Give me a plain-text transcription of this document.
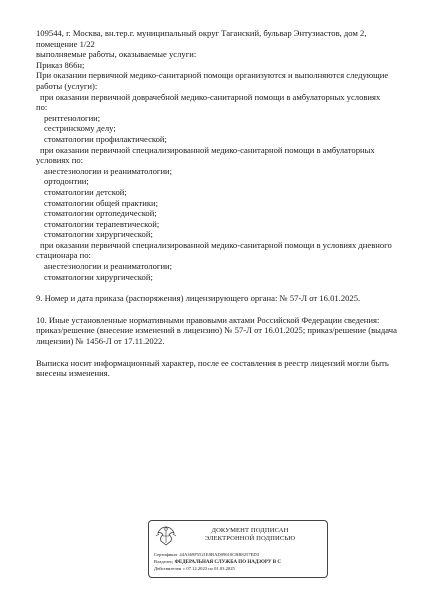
109544, г. Москва, вн.тер.г. муниципальный округ Таганский, бульвар Энтузиастов, дом 2,
помещение 1/22
выполняемые работы, оказываемые услуги:
Приказ 866н;
При оказании первичной медико-санитарной помощи организуются и выполняются следующие
работы (услуги):
при оказании первичной доврачебной медико-санитарной помощи в амбулаторных условиях
по:
рентгенологии;
сестринскому делу;
стоматологии профилактической;
при оказании первичной специализированной медико-санитарной помощи в амбулаторных
условиях по:
анестезиологии и реаниматологии;
ортодонтии;
стоматологии детской;
стоматологии общей практики;
стоматологии ортопедической;
стоматологии терапевтической;
стоматологии хирургической;
при оказании первичной специализированной медико-санитарной помощи в условиях дневного
стационара по:
анестезиологии и реаниматологии;
стоматологии хирургической;
9. Номер и дата приказа (распоряжения) лицензирующего органа: № 57-Л от 16.01.2025.
10. Иные установленные нормативными правовыми актами Российской Федерации сведения:
приказ/решение (внесение изменений в лицензию) № 57-Л от 16.01.2025; приказ/решение (выдача
лицензии) № 1456-Л от 17.11.2022.
Выписка носит информационный характер, после ее составления в реестр лицензий могли быть
внесены изменения.
ДОКУМЕНТ ПОДПИСАН
ЭЛЕКТРОННОЙ ПОДПИСЬЮ
Сертификат 44A369F5521E0BAD09610CBB8257ED3
Владелец ФЕДЕРАЛЬНАЯ СЛУЖБА ПО НАДЗОРУ В С
Действителен с 07.12.2023 по 01.03.2025
